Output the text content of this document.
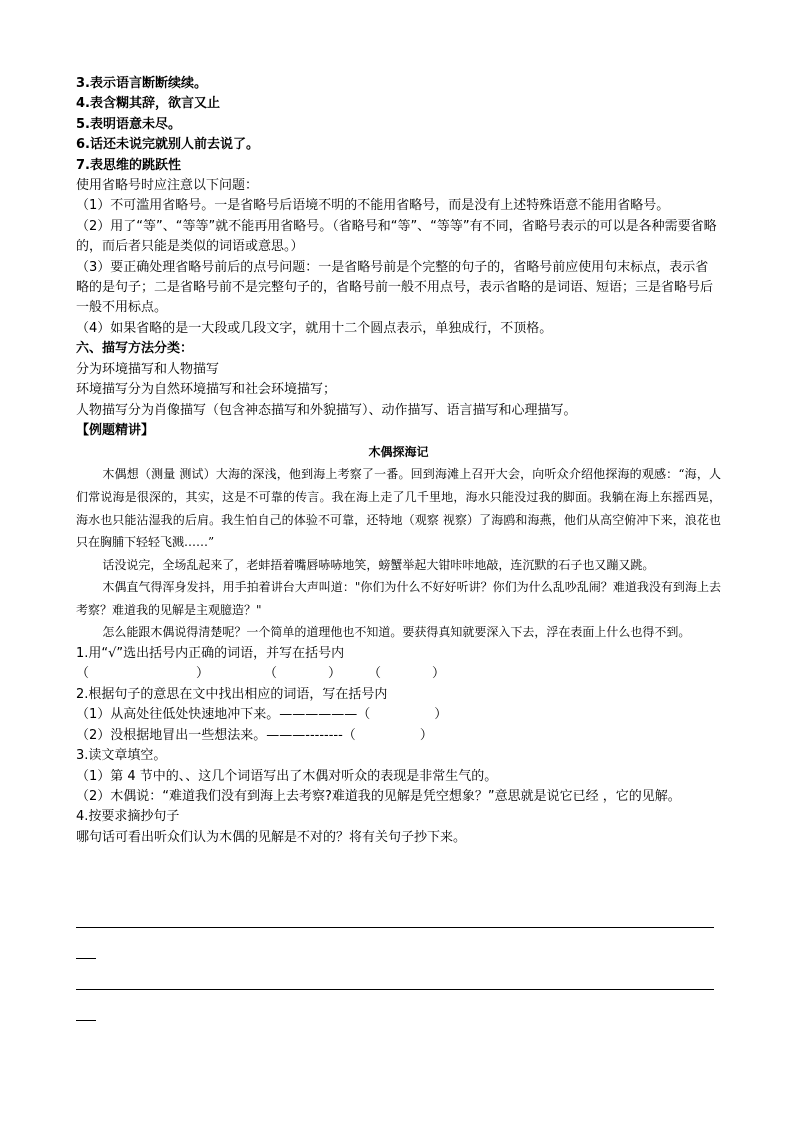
3.表示语言断断续续。
4.表含糊其辞，欲言又止
5.表明语意未尽。
6.话还未说完就别人前去说了。
7.表思维的跳跃性
使用省略号时应注意以下问题：
（1）不可滥用省略号。一是省略号后语境不明的不能用省略号，而是没有上述特殊语意不能用省略号。
（2）用了“等”、“等等”就不能再用省略号。（省略号和“等”、“等等”有不同，省略号表示的可以是各种需要省略的，而后者只能是类似的词语或意思。）
（3）要正确处理省略号前后的点号问题：一是省略号前是个完整的句子的，省略号前应使用句末标点，表示省略的是句子；二是省略号前不是完整句子的，省略号前一般不用点号，表示省略的是词语、短语；三是省略号后一般不用标点。
（4）如果省略的是一大段或几段文字，就用十二个圆点表示，单独成行，不顶格。
六、描写方法分类：
分为环境描写和人物描写
环境描写分为自然环境描写和社会环境描写；
人物描写分为肖像描写（包含神态描写和外貌描写）、动作描写、语言描写和心理描写。
【例题精讲】
木偶探海记

木偶想（测量 测试）大海的深浅，他到海上考察了一番。回到海滩上召开大会，向听众介绍他探海的观感：“海，人们常说海是很深的，其实，这是不可靠的传言。我在海上走了几千里地，海水只能没过我的脚面。我躺在海上东摇西晃，海水也只能沾湿我的后肩。我生怕自己的体验不可靠，还特地（观察 视察）了海鸥和海燕，他们从高空俯冲下来，浪花也只在胸脯下轻轻飞溅……”

话没说完，全场乱起来了，老蚌捂着嘴唇哧哧地笑，螃蟹举起大钳咔咔地敲，连沉默的石子也又蹦又跳。

木偶直气得浑身发抖，用手拍着讲台大声叫道："你们为什么不好好听讲？你们为什么乱吵乱闹？难道我没有到海上去考察？难道我的见解是主观臆造？"

怎么能跟木偶说得清楚呢？一个简单的道理他也不知道。要获得真知就要深入下去，浮在表面上什么也得不到。

1.用“√”选出括号内正确的词语，并写在括号内
（	）	（	） （	）
2.根据句子的意思在文中找出相应的词语，写在括号内
（1）从高处往低处快速地冲下来。——————（	）
（2）没根据地冒出一些想法来。———--------（	）
3.读文章填空。
（1）第 4 节中的、、这几个词语写出了木偶对听众的表现是非常生气的。
（2）木偶说：“难道我们没有到海上去考察?难道我的见解是凭空想象？”意思就是说它已经 ，它的见解。
4.按要求摘抄句子
哪句话可看出听众们认为木偶的见解是不对的？将有关句子抄下来。
